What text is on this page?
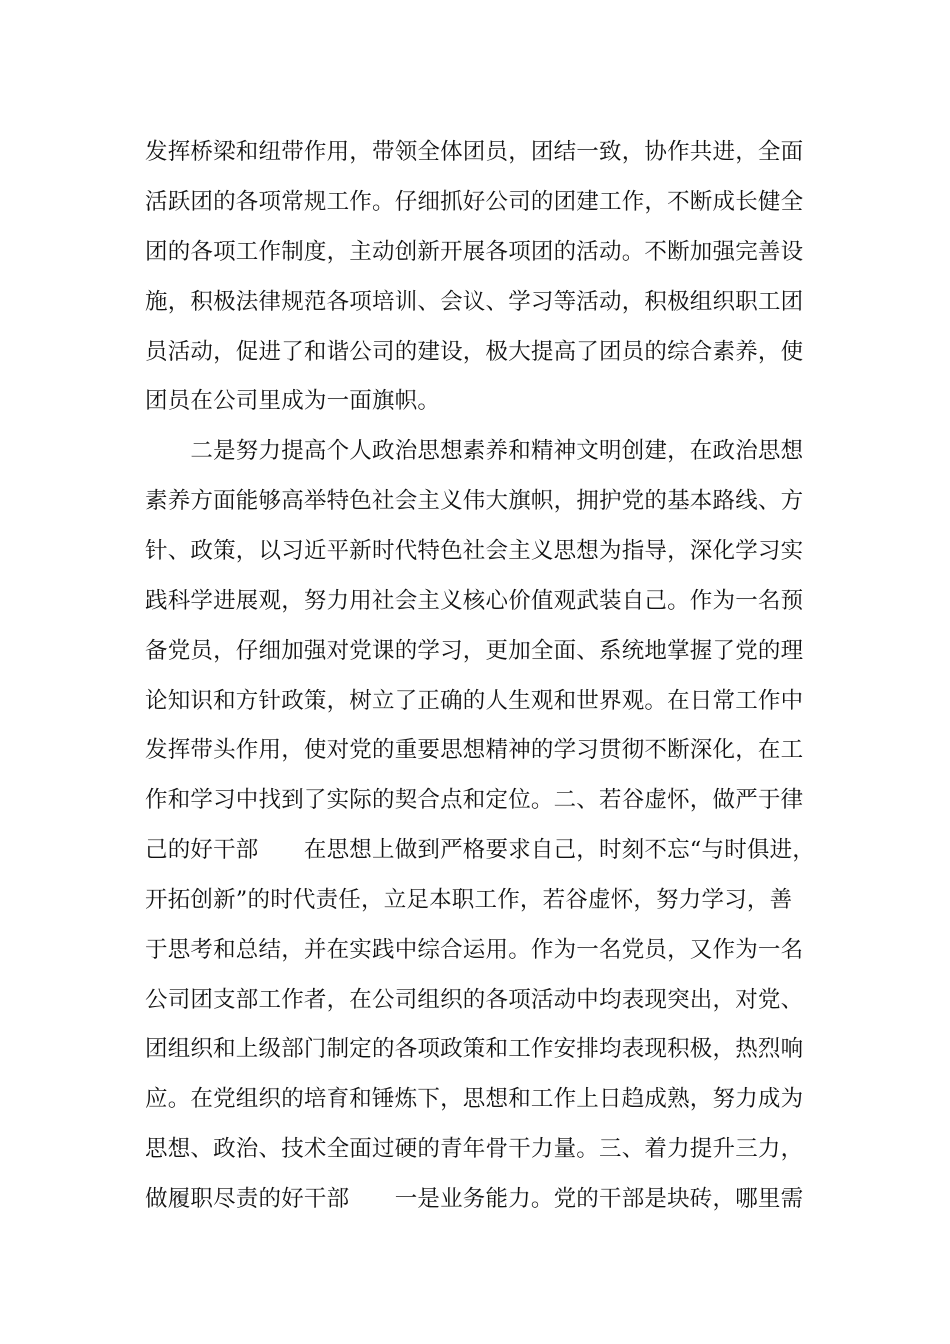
发挥桥梁和纽带作用，带领全体团员，团结一致，协作共进，全面
活跃团的各项常规工作。仔细抓好公司的团建工作，不断成长健全
团的各项工作制度，主动创新开展各项团的活动。不断加强完善设
施，积极法律规范各项培训、会议、学习等活动，积极组织职工团
员活动，促进了和谐公司的建设，极大提高了团员的综合素养，使
团员在公司里成为一面旗帜。
　　二是努力提高个人政治思想素养和精神文明创建，在政治思想
素养方面能够高举特色社会主义伟大旗帜，拥护党的基本路线、方
针、政策，以习近平新时代特色社会主义思想为指导，深化学习实
践科学进展观，努力用社会主义核心价值观武装自己。作为一名预
备党员，仔细加强对党课的学习，更加全面、系统地掌握了党的理
论知识和方针政策，树立了正确的人生观和世界观。在日常工作中
发挥带头作用，使对党的重要思想精神的学习贯彻不断深化，在工
作和学习中找到了实际的契合点和定位。二、若谷虚怀，做严于律
己的好干部　　在思想上做到严格要求自己，时刻不忘“与时俱进，
开拓创新”的时代责任，立足本职工作，若谷虚怀，努力学习，善
于思考和总结，并在实践中综合运用。作为一名党员，又作为一名
公司团支部工作者，在公司组织的各项活动中均表现突出，对党、
团组织和上级部门制定的各项政策和工作安排均表现积极，热烈响
应。在党组织的培育和锤炼下，思想和工作上日趋成熟，努力成为
思想、政治、技术全面过硬的青年骨干力量。三、着力提升三力，
做履职尽责的好干部　　一是业务能力。党的干部是块砖，哪里需
